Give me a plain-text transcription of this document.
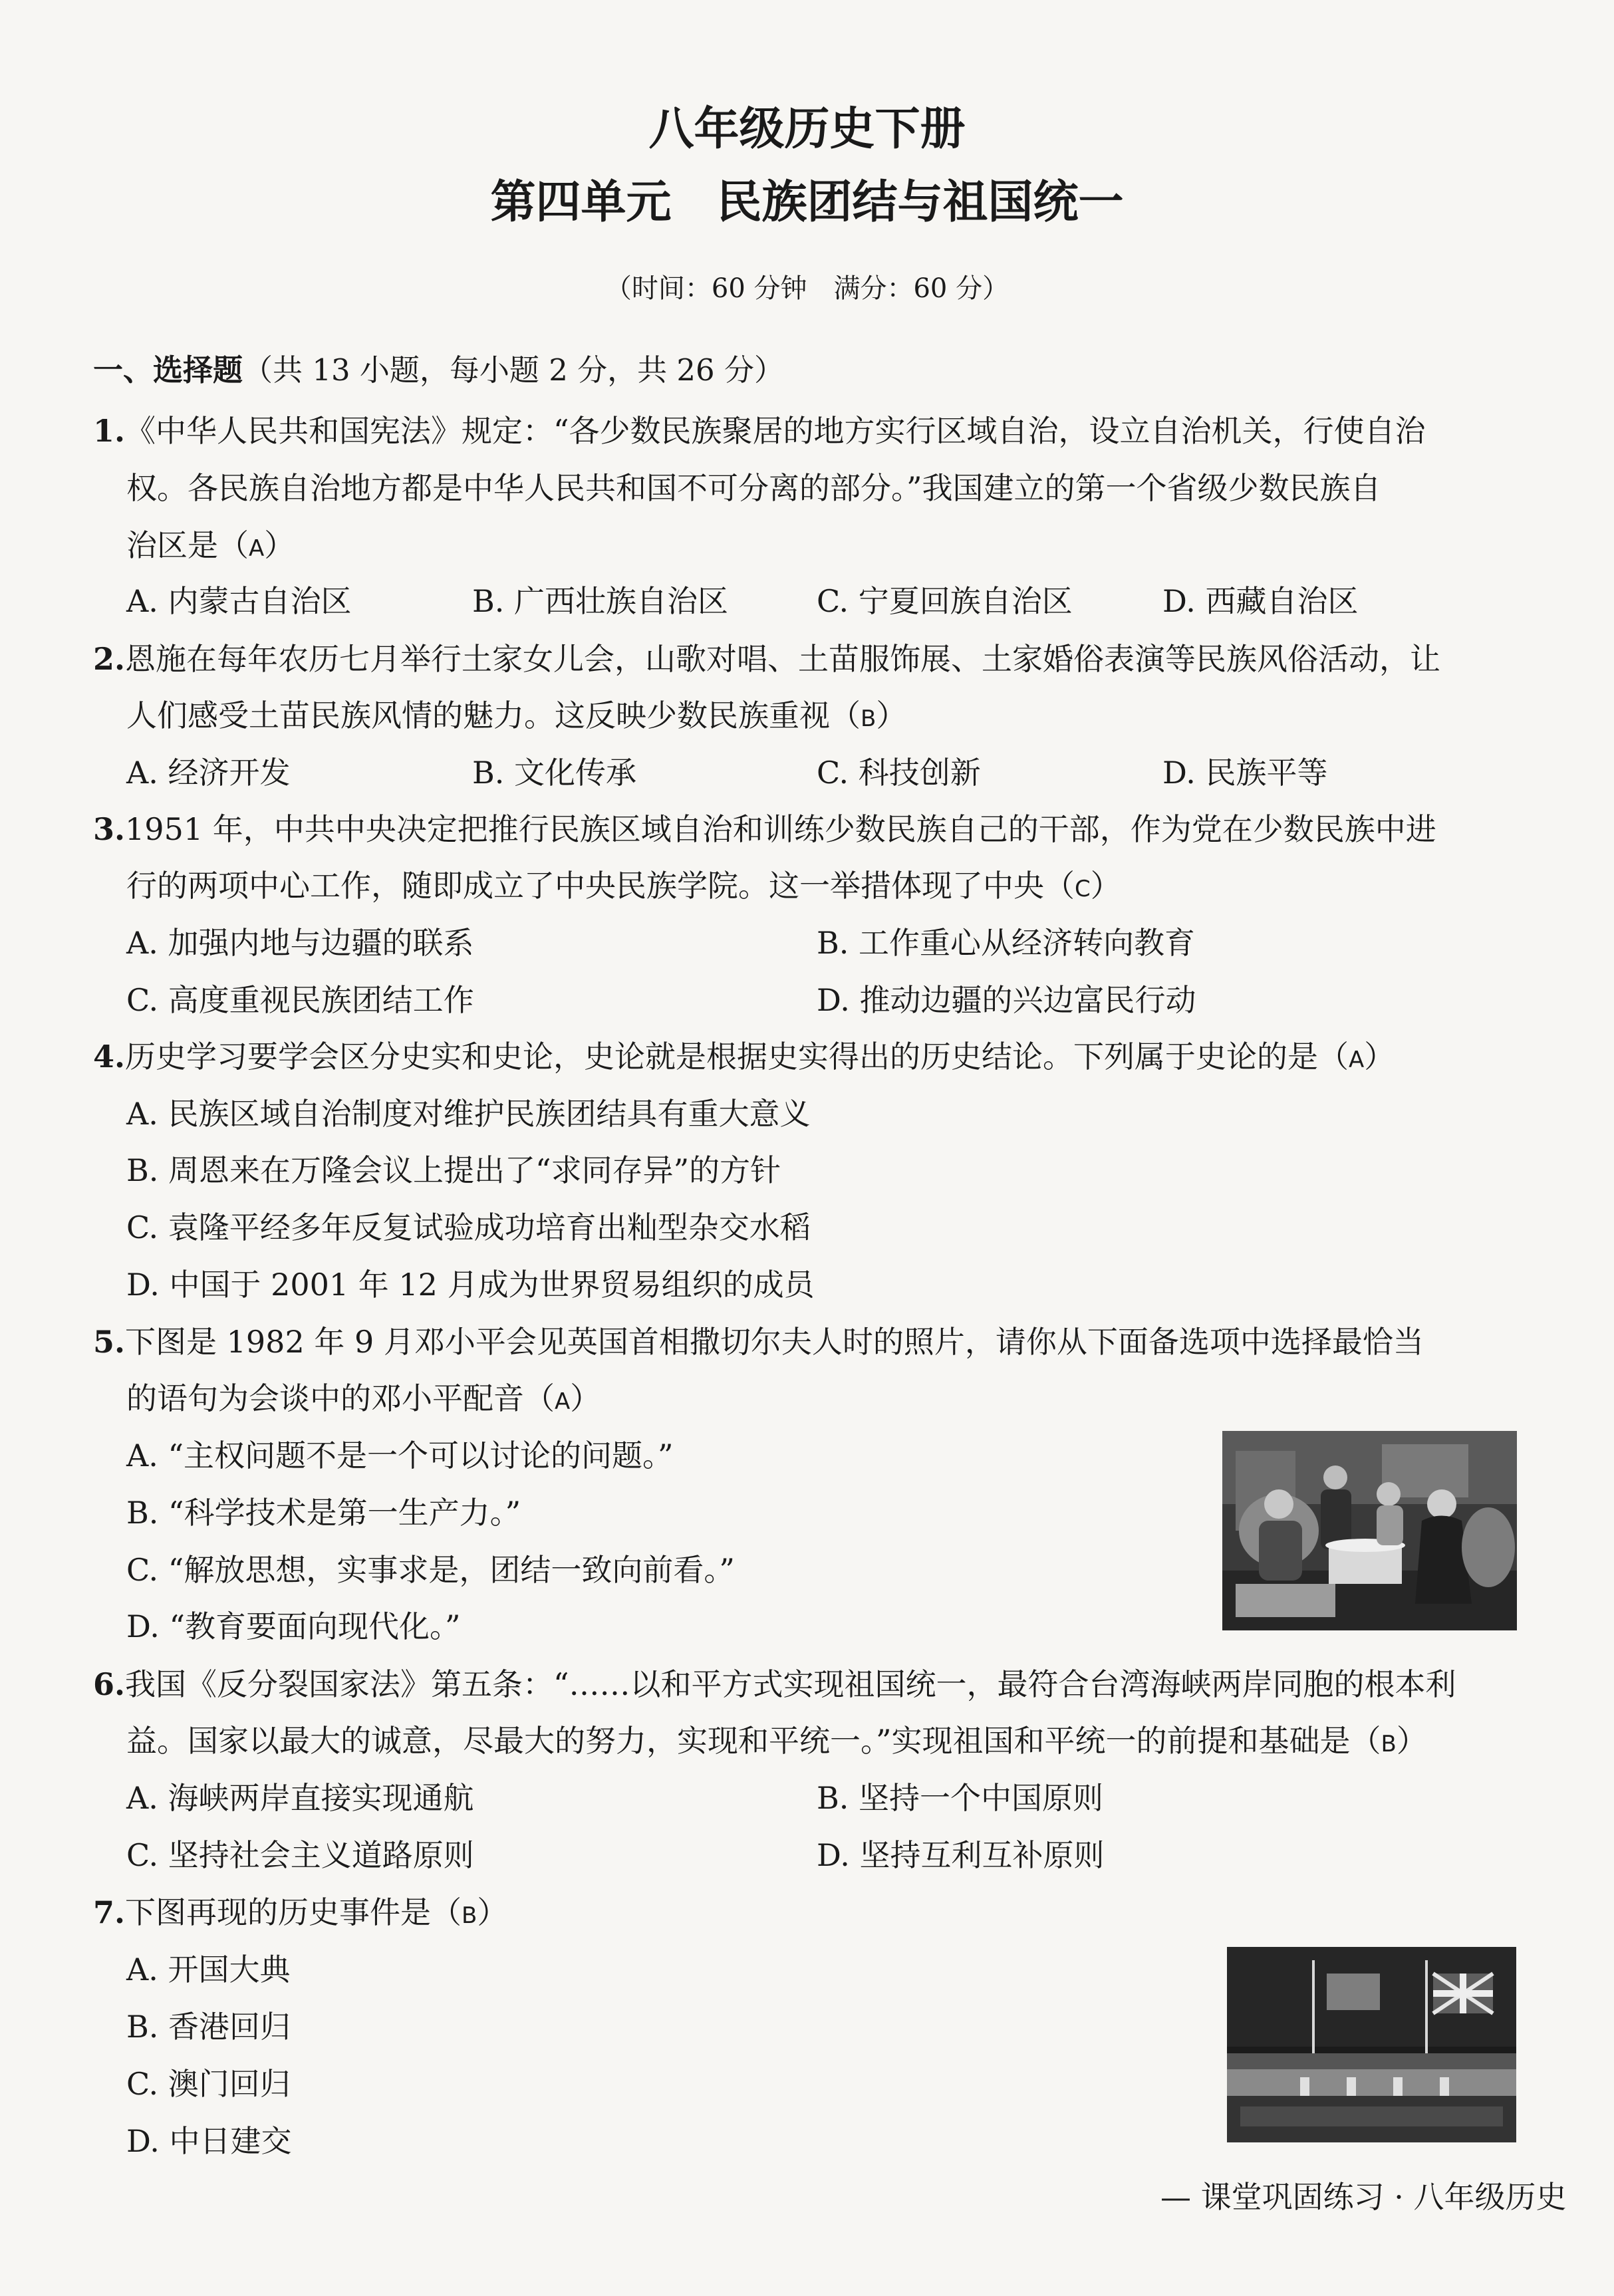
八年级历史下册
第四单元　民族团结与祖国统一
（时间：60 分钟　满分：60 分）
一、选择题（共 13 小题，每小题 2 分，共 26 分）
1.《中华人民共和国宪法》规定：“各少数民族聚居的地方实行区域自治，设立自治机关，行使自治
权。各民族自治地方都是中华人民共和国不可分离的部分。”我国建立的第一个省级少数民族自
治区是（A）
A. 内蒙古自治区	B. 广西壮族自治区	C. 宁夏回族自治区	D. 西藏自治区
2.恩施在每年农历七月举行土家女儿会，山歌对唱、土苗服饰展、土家婚俗表演等民族风俗活动，让
人们感受土苗民族风情的魅力。这反映少数民族重视（B）
A. 经济开发	B. 文化传承	C. 科技创新	D. 民族平等
3.1951 年，中共中央决定把推行民族区域自治和训练少数民族自己的干部，作为党在少数民族中进
行的两项中心工作，随即成立了中央民族学院。这一举措体现了中央（C）
A. 加强内地与边疆的联系	B. 工作重心从经济转向教育
C. 高度重视民族团结工作	D. 推动边疆的兴边富民行动
4.历史学习要学会区分史实和史论，史论就是根据史实得出的历史结论。下列属于史论的是（A）
A. 民族区域自治制度对维护民族团结具有重大意义
B. 周恩来在万隆会议上提出了“求同存异”的方针
C. 袁隆平经多年反复试验成功培育出籼型杂交水稻
D. 中国于 2001 年 12 月成为世界贸易组织的成员
5.下图是 1982 年 9 月邓小平会见英国首相撒切尔夫人时的照片，请你从下面备选项中选择最恰当
的语句为会谈中的邓小平配音（A）
A. “主权问题不是一个可以讨论的问题。”
B. “科学技术是第一生产力。”
C. “解放思想，实事求是，团结一致向前看。”
D. “教育要面向现代化。”
6.我国《反分裂国家法》第五条：“……以和平方式实现祖国统一，最符合台湾海峡两岸同胞的根本利
益。国家以最大的诚意，尽最大的努力，实现和平统一。”实现祖国和平统一的前提和基础是（B）
A. 海峡两岸直接实现通航	B. 坚持一个中国原则
C. 坚持社会主义道路原则	D. 坚持互利互补原则
7.下图再现的历史事件是（B）
A. 开国大典
B. 香港回归
C. 澳门回归
D. 中日建交
— 课堂巩固练习 · 八年级历史
